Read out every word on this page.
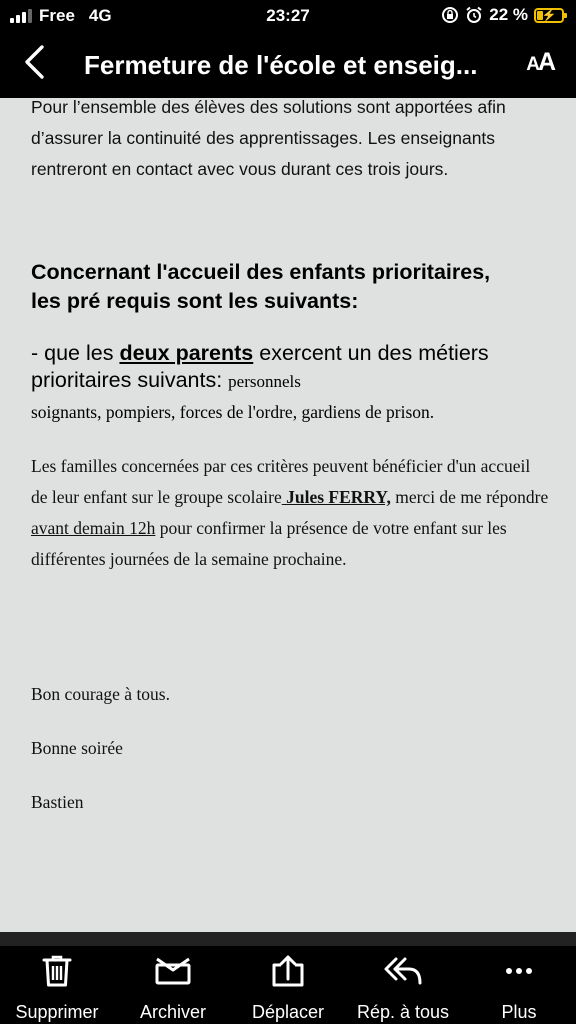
Free 4G	23:27	22 % ⚡
Fermeture de l'école et enseig...	AA
Pour l’ensemble des élèves des solutions sont apportées afin
d’assurer la continuité des apprentissages. Les enseignants
rentreront en contact avec vous durant ces trois jours.
Concernant l'accueil des enfants prioritaires,
les pré requis sont les suivants:
- que les deux parents exercent un des métiers prioritaires suivants: personnels
soignants, pompiers, forces de l'ordre, gardiens de prison.
Les familles concernées par ces critères peuvent bénéficier d'un accueil de leur enfant sur le groupe scolaire Jules FERRY, merci de me répondre avant demain 12h pour confirmer la présence de votre enfant sur les différentes journées de la semaine prochaine.
Bon courage à tous.
Bonne soirée
Bastien
Supprimer Archiver	Déplacer Rép. à tous	Plus
